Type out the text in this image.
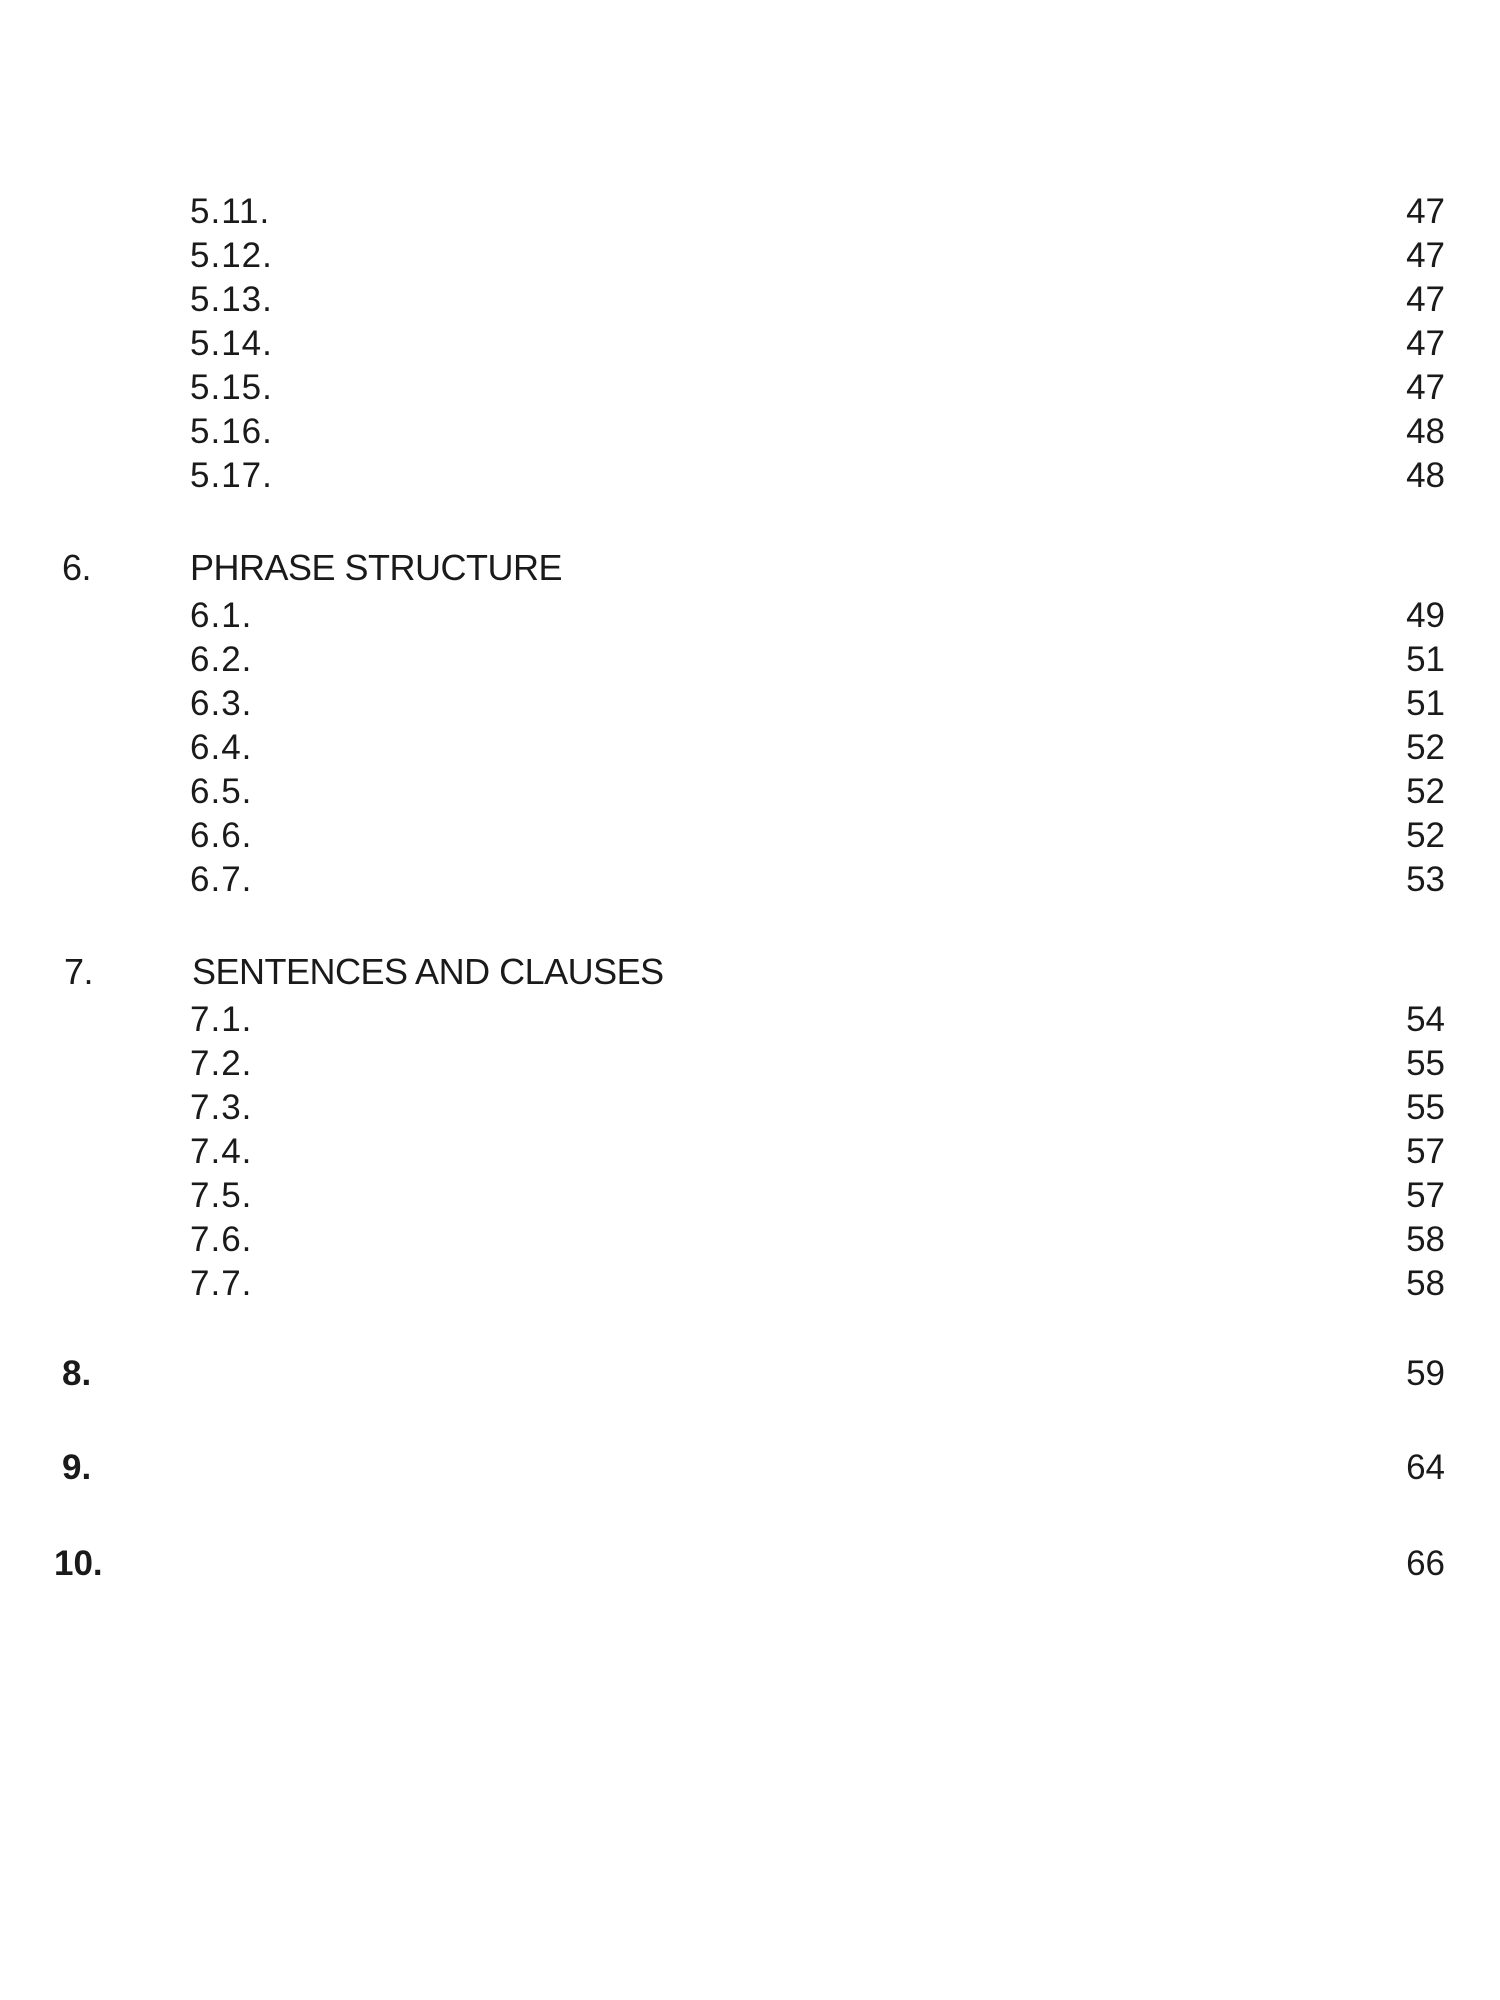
5.11.	47
5.12.	47
5.13.	47
5.14.	47
5.15.	47
5.16.	48
5.17.	48
6.	PHRASE STRUCTURE
6.1.	49
6.2.	51
6.3.	51
6.4.	52
6.5.	52
6.6.	52
6.7.	53
7.	SENTENCES AND CLAUSES
7.1.	54
7.2.	55
7.3.	55
7.4.	57
7.5.	57
7.6.	58
7.7.	58
8.	59
9.	64
10.	66
